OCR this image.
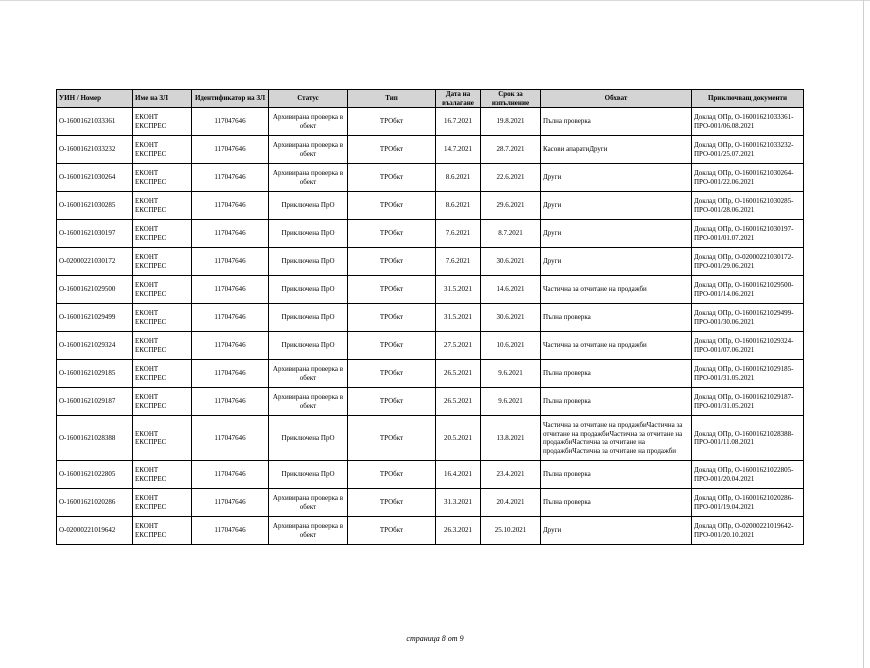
УИН / Номер	Име на ЗЛ	Идентификатор на ЗЛ	Статус	Тип	Дата на възлагане	Срок за изпълнение	Обхват	Приключващ документи
О-16001621033361	ЕКОНТ ЕКСПРЕС	117047646	Архивирана проверка в обект	ТРОбкт	16.7.2021	19.8.2021	Пълна проверка	Доклад ОПр, О-16001621033361-ПРО-001/06.08.2021
О-16001621033232	ЕКОНТ ЕКСПРЕС	117047646	Архивирана проверка в обект	ТРОбкт	14.7.2021	28.7.2021	Касови апаратиДруги	Доклад ОПр, О-16001621033232-ПРО-001/25.07.2021
О-16001621030264	ЕКОНТ ЕКСПРЕС	117047646	Архивирана проверка в обект	ТРОбкт	8.6.2021	22.6.2021	Други	Доклад ОПр, О-16001621030264-ПРО-001/22.06.2021
О-16001621030285	ЕКОНТ ЕКСПРЕС	117047646	Приключена ПрО	ТРОбкт	8.6.2021	29.6.2021	Други	Доклад ОПр, О-16001621030285-ПРО-001/28.06.2021
О-16001621030197	ЕКОНТ ЕКСПРЕС	117047646	Приключена ПрО	ТРОбкт	7.6.2021	8.7.2021	Други	Доклад ОПр, О-16001621030197-ПРО-001/01.07.2021
О-02000221030172	ЕКОНТ ЕКСПРЕС	117047646	Приключена ПрО	ТРОбкт	7.6.2021	30.6.2021	Други	Доклад ОПр, О-02000221030172-ПРО-001/29.06.2021
О-16001621029500	ЕКОНТ ЕКСПРЕС	117047646	Приключена ПрО	ТРОбкт	31.5.2021	14.6.2021	Частична за отчитане на продажби	Доклад ОПр, О-16001621029500-ПРО-001/14.06.2021
О-16001621029499	ЕКОНТ ЕКСПРЕС	117047646	Приключена ПрО	ТРОбкт	31.5.2021	30.6.2021	Пълна проверка	Доклад ОПр, О-16001621029499-ПРО-001/30.06.2021
О-16001621029324	ЕКОНТ ЕКСПРЕС	117047646	Приключена ПрО	ТРОбкт	27.5.2021	10.6.2021	Частична за отчитане на продажби	Доклад ОПр, О-16001621029324-ПРО-001/07.06.2021
О-16001621029185	ЕКОНТ ЕКСПРЕС	117047646	Архивирана проверка в обект	ТРОбкт	26.5.2021	9.6.2021	Пълна проверка	Доклад ОПр, О-16001621029185-ПРО-001/31.05.2021
О-16001621029187	ЕКОНТ ЕКСПРЕС	117047646	Архивирана проверка в обект	ТРОбкт	26.5.2021	9.6.2021	Пълна проверка	Доклад ОПр, О-16001621029187-ПРО-001/31.05.2021
О-16001621028388	ЕКОНТ ЕКСПРЕС	117047646	Приключена ПрО	ТРОбкт	20.5.2021	13.8.2021	Частична за отчитане на продажбиЧастична за отчитане на продажбиЧастична за отчитане на продажбиЧастична за отчитане на продажбиЧастична за отчитане на продажби	Доклад ОПр, О-16001621028388-ПРО-001/11.08.2021
О-16001621022805	ЕКОНТ ЕКСПРЕС	117047646	Приключена ПрО	ТРОбкт	16.4.2021	23.4.2021	Пълна проверка	Доклад ОПр, О-16001621022805-ПРО-001/20.04.2021
О-16001621020286	ЕКОНТ ЕКСПРЕС	117047646	Архивирана проверка в обект	ТРОбкт	31.3.2021	20.4.2021	Пълна проверка	Доклад ОПр, О-16001621020286-ПРО-001/19.04.2021
О-02000221019642	ЕКОНТ ЕКСПРЕС	117047646	Архивирана проверка в обект	ТРОбкт	26.3.2021	25.10.2021	Други	Доклад ОПр, О-02000221019642-ПРО-001/20.10.2021
страница 8 от 9
